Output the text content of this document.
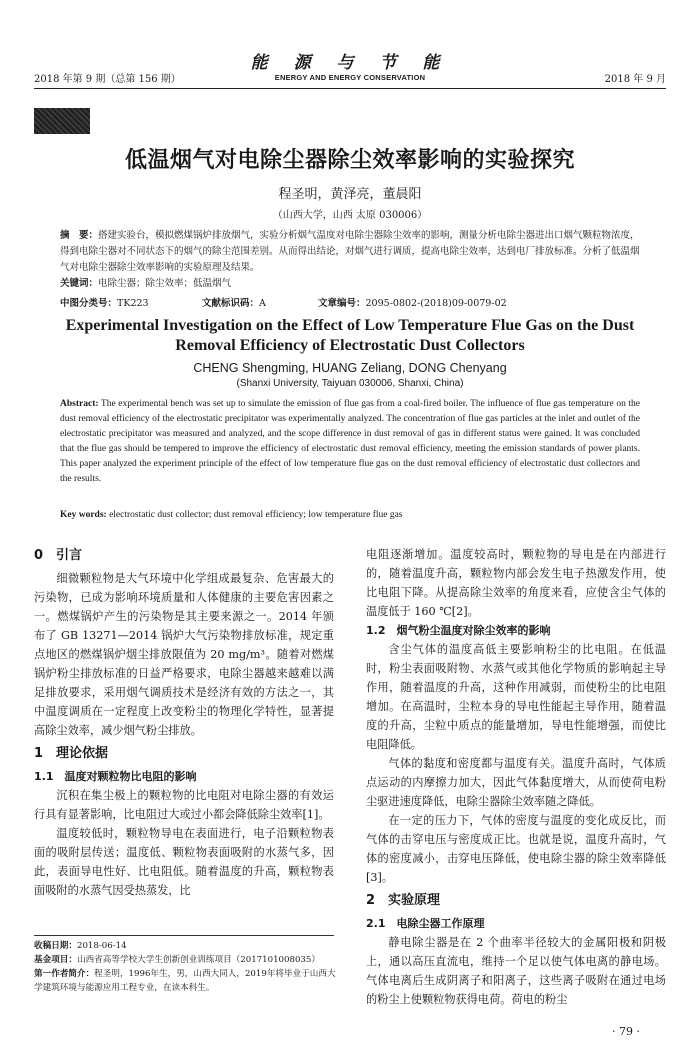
2018 年第 9 期（总第 156 期）
能 源 与 节 能
ENERGY AND ENERGY CONSERVATION	2018 年 9 月
低温烟气对电除尘器除尘效率影响的实验探究
程圣明，黄泽亮，董晨阳
（山西大学，山西 太原 030006）
摘　要：搭建实验台，模拟燃煤锅炉排放烟气，实验分析烟气温度对电除尘器除尘效率的影响，测量分析电除尘器进出口烟气颗粒物浓度，得到电除尘器对不同状态下的烟气的除尘范围差别。从而得出结论，对烟气进行调质，提高电除尘效率，达到电厂排放标准。分析了低温烟气对电除尘器除尘效率影响的实验原理及结果。
关键词：电除尘器；除尘效率；低温烟气
中图分类号：TK223	文献标识码：A	文章编号：2095-0802-(2018)09-0079-02
Experimental Investigation on the Effect of Low Temperature Flue Gas on the Dust Removal Efficiency of Electrostatic Dust Collectors
CHENG Shengming, HUANG Zeliang, DONG Chenyang
(Shanxi University, Taiyuan 030006, Shanxi, China)
Abstract: The experimental bench was set up to simulate the emission of flue gas from a coal-fired boiler. The influence of flue gas temperature on the dust removal efficiency of the electrostatic precipitator was experimentally analyzed. The concentration of flue gas particles at the inlet and outlet of the electrostatic precipitator was measured and analyzed, and the scope difference in dust removal of gas in different status were gained. It was concluded that the flue gas should be tempered to improve the efficiency of electrostatic dust removal efficiency, meeting the emission standards of power plants. This paper analyzed the experiment principle of the effect of low temperature flue gas on the dust removal efficiency of electrostatic dust collectors and the results.
Key words: electrostatic dust collector; dust removal efficiency; low temperature flue gas
0　引言

细微颗粒物是大气环境中化学组成最复杂、危害最大的污染物，已成为影响环境质量和人体健康的主要危害因素之一。燃煤锅炉产生的污染物是其主要来源之一。2014 年颁布了 GB 13271—2014 锅炉大气污染物排放标准，规定重点地区的燃煤锅炉烟尘排放限值为 20 mg/m³。随着对燃煤锅炉粉尘排放标准的日益严格要求，电除尘器越来越难以满足排放要求，采用烟气调质技术是经济有效的方法之一，其中温度调质在一定程度上改变粉尘的物理化学特性，显著提高除尘效率，减少烟气粉尘排放。

1　理论依据
1.1　温度对颗粒物比电阻的影响

沉积在集尘极上的颗粒物的比电阻对电除尘器的有效运行具有显著影响，比电阻过大或过小都会降低除尘效率[1]。

温度较低时，颗粒物导电在表面进行，电子沿颗粒物表面的吸附层传送；温度低、颗粒物表面吸附的水蒸气多，因此，表面导电性好、比电阻低。随着温度的升高，颗粒物表面吸附的水蒸气因受热蒸发，比

电阻逐渐增加。温度较高时，颗粒物的导电是在内部进行的，随着温度升高，颗粒物内部会发生电子热激发作用，使比电阻下降。从提高除尘效率的角度来看，应使含尘气体的温度低于 160 ℃[2]。

1.2　烟气粉尘温度对除尘效率的影响

含尘气体的温度高低主要影响粉尘的比电阻。在低温时，粉尘表面吸附物、水蒸气或其他化学物质的影响起主导作用，随着温度的升高，这种作用减弱，而使粉尘的比电阻增加。在高温时，尘粒本身的导电性能起主导作用，随着温度的升高，尘粒中质点的能量增加，导电性能增强，而使比电阻降低。

气体的黏度和密度都与温度有关。温度升高时，气体质点运动的内摩擦力加大，因此气体黏度增大，从而使荷电粉尘驱进速度降低，电除尘器除尘效率随之降低。

在一定的压力下，气体的密度与温度的变化成反比，而气体的击穿电压与密度成正比。也就是说，温度升高时，气体的密度减小，击穿电压降低，使电除尘器的除尘效率降低[3]。

2　实验原理
2.1　电除尘器工作原理

静电除尘器是在 2 个曲率半径较大的金属阳极和阴极上，通以高压直流电，维持一个足以使气体电离的静电场。气体电离后生成阴离子和阳离子，这些离子吸附在通过电场的粉尘上使颗粒物获得电荷。荷电的粉尘

收稿日期：2018-06-14
基金项目：山西省高等学校大学生创新创业训练项目（2017101008035）
第一作者简介：程圣明，1996年生，男，山西大同人，2019年将毕业于山西大学建筑环境与能源应用工程专业，在读本科生。
· 79 ·
